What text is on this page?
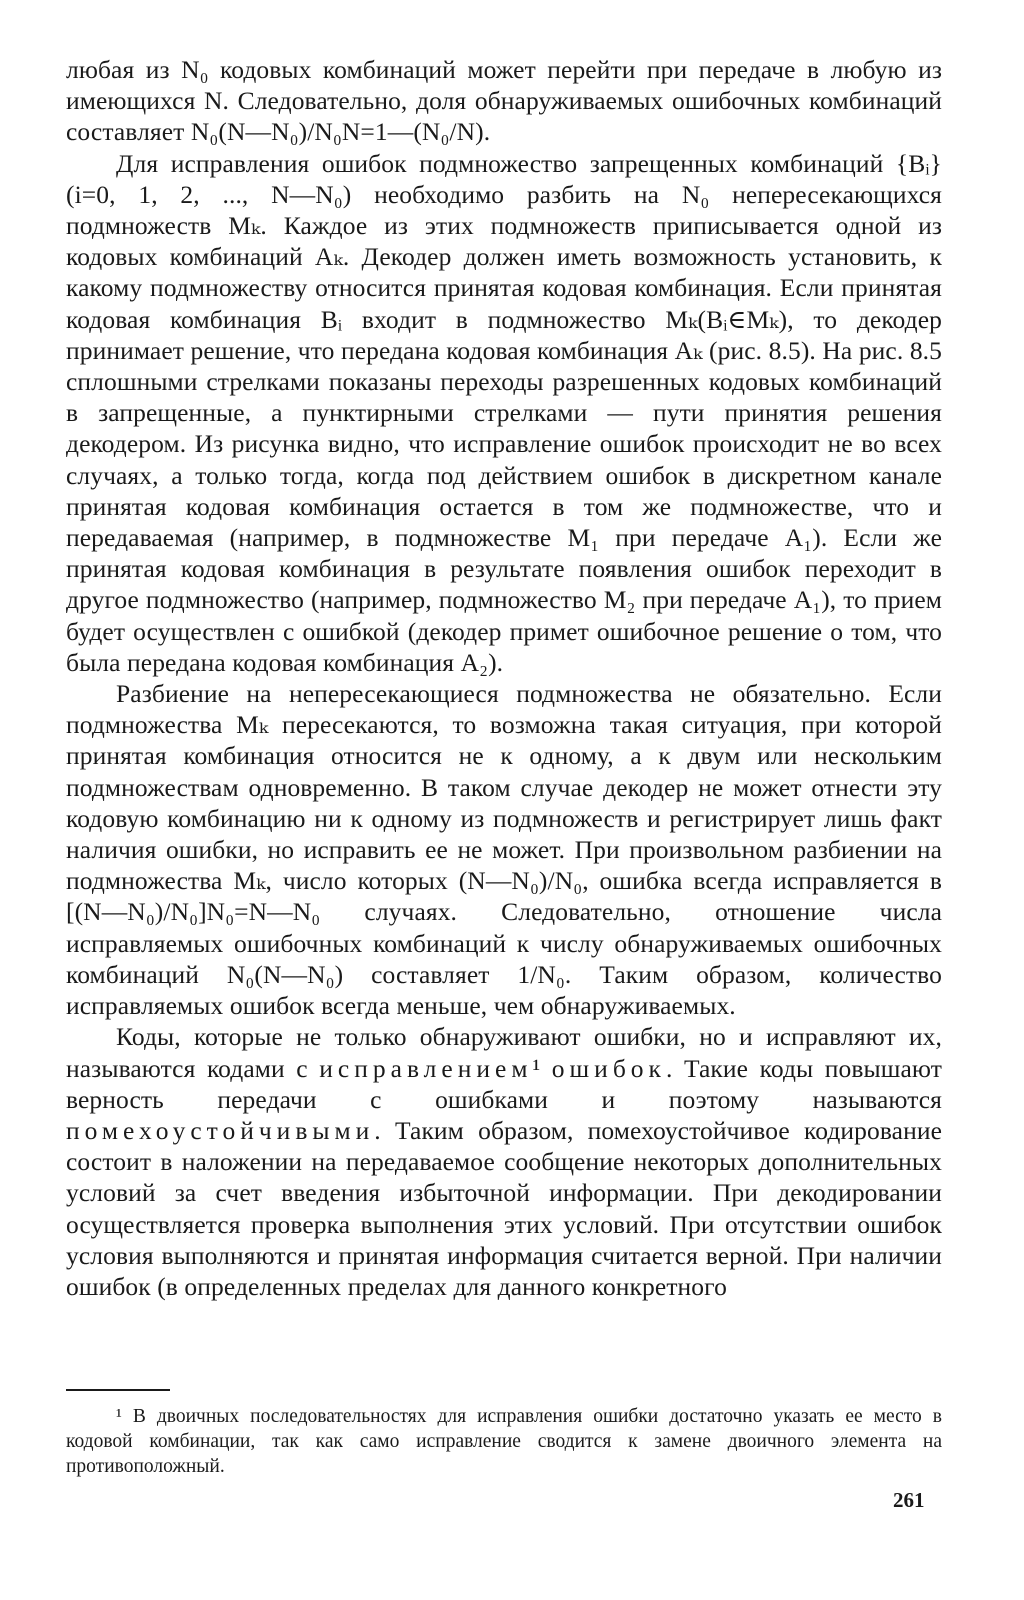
любая из N₀ кодовых комбинаций может перейти при передаче в любую из имеющихся N. Следовательно, доля обнаруживаемых ошибочных комбинаций составляет N₀(N—N₀)/N₀N=1—(N₀/N).

Для исправления ошибок подмножество запрещенных комбинаций {Bᵢ} (i=0, 1, 2, ..., N—N₀) необходимо разбить на N₀ непересекающихся подмножеств Mₖ. Каждое из этих подмножеств приписывается одной из кодовых комбинаций Aₖ. Декодер должен иметь возможность установить, к какому подмножеству относится принятая кодовая комбинация. Если принятая кодовая комбинация Bᵢ входит в подмножество Mₖ(Bᵢ∈Mₖ), то декодер принимает решение, что передана кодовая комбинация Aₖ (рис. 8.5). На рис. 8.5 сплошными стрелками показаны переходы разрешенных кодовых комбинаций в запрещенные, а пунктирными стрелками — пути принятия решения декодером. Из рисунка видно, что исправление ошибок происходит не во всех случаях, а только тогда, когда под действием ошибок в дискретном канале принятая кодовая комбинация остается в том же подмножестве, что и передаваемая (например, в подмножестве M₁ при передаче A₁). Если же принятая кодовая комбинация в результате появления ошибок переходит в другое подмножество (например, подмножество M₂ при передаче A₁), то прием будет осуществлен с ошибкой (декодер примет ошибочное решение о том, что была передана кодовая комбинация A₂).

Разбиение на непересекающиеся подмножества не обязательно. Если подмножества Mₖ пересекаются, то возможна такая ситуация, при которой принятая комбинация относится не к одному, а к двум или нескольким подмножествам одновременно. В таком случае декодер не может отнести эту кодовую комбинацию ни к одному из подмножеств и регистрирует лишь факт наличия ошибки, но исправить ее не может. При произвольном разбиении на подмножества Mₖ, число которых (N—N₀)/N₀, ошибка всегда исправляется в [(N—N₀)/N₀]N₀=N—N₀ случаях. Следовательно, отношение числа исправляемых ошибочных комбинаций к числу обнаруживаемых ошибочных комбинаций N₀(N—N₀) составляет 1/N₀. Таким образом, количество исправляемых ошибок всегда меньше, чем обнаруживаемых.

Коды, которые не только обнаруживают ошибки, но и исправляют их, называются кодами с исправлением¹ ошибок. Такие коды повышают верность передачи с ошибками и поэтому называются помехоустойчивыми. Таким образом, помехоустойчивое кодирование состоит в наложении на передаваемое сообщение некоторых дополнительных условий за счет введения избыточной информации. При декодировании осуществляется проверка выполнения этих условий. При отсутствии ошибок условия выполняются и принятая информация считается верной. При наличии ошибок (в определенных пределах для данного конкретного

¹ В двоичных последовательностях для исправления ошибки достаточно указать ее место в кодовой комбинации, так как само исправление сводится к замене двоичного элемента на противоположный.

261
